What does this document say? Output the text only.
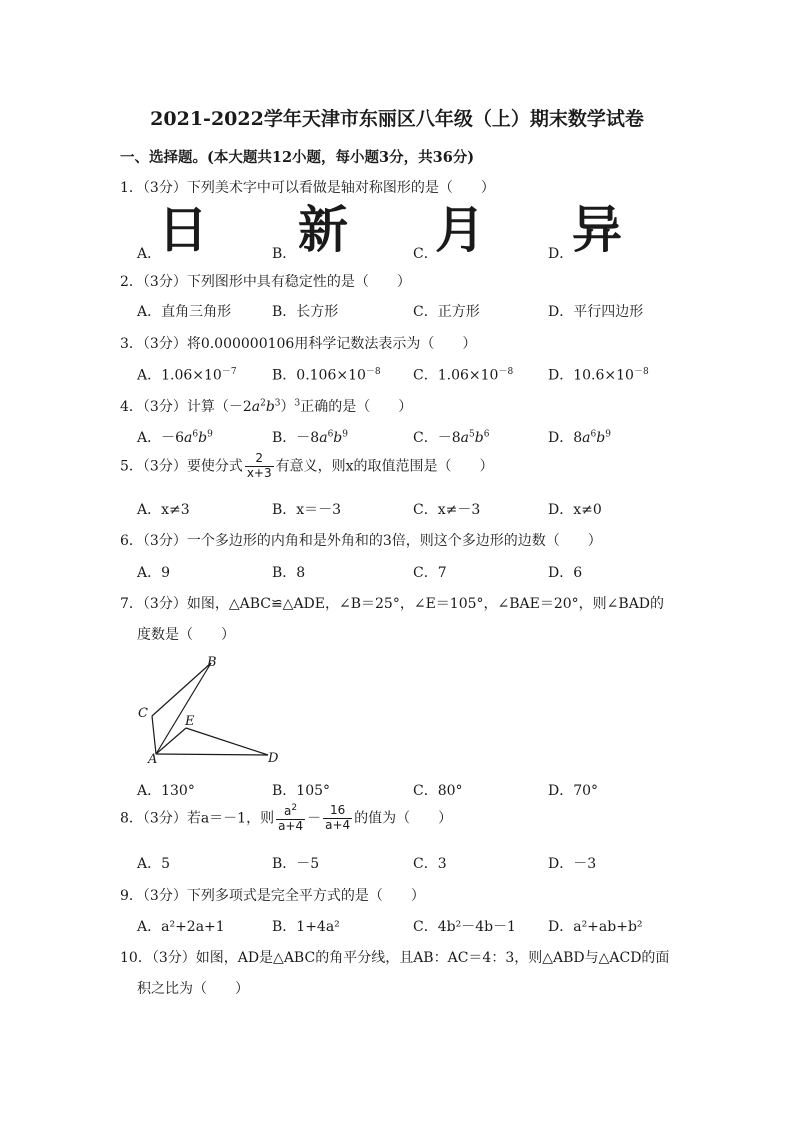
2021-2022学年天津市东丽区八年级（上）期末数学试卷
一、选择题。(本大题共12小题，每小题3分，共36分)
1．（3分）下列美术字中可以看做是轴对称图形的是（　　）
A．
日	B． 新	C．
月	D．
异
2．（3分）下列图形中具有稳定性的是（　　）
A．直角三角形	B．长方形	C．正方形	D．平行四边形
3．（3分）将0.000000106用科学记数法表示为（　　）
A．$1.06\times 10^{-7}$	B．$0.106\times 10^{-8}$ C．$1.06\times 10^{-8}$ D．$10.6\times 10^{-8}$
4．（3分）计算$(-2a^2b^3)^3$正确的是（　　）
A．$-6a^6b^9$	B．$-8a^6b^9$	C．$-8a^5b^6$	D．$8a^6b^9$
5．（3分）要使分式 $\frac{2}{x+3}$ 有意义，则x的取值范围是（　　）
A．x≠3	B．x＝－3	C．x≠－3	D．x≠0
6．（3分）一个多边形的内角和是外角和的3倍，则这个多边形的边数（　　）
A．9	B．8	C．7	D．6
7．（3分）如图，△ABC≌△ADE，∠B＝25°，∠E＝105°，∠BAE＝20°，则∠BAD的
度数是（　　）
B
C
E
A	D
A．130°	B．105°	C．80°	D．70°
8．（3分）若a＝－1，则 $\frac{a^2}{a+4} - \frac{16}{a+4}$ 的值为（　　）
A．5	B．－5	C．3	D．－3
9．（3分）下列多项式是完全平方式的是（　　）
A．a²+2a+1	B．1+4a²	C．4b²－4b－1 D．a²+ab+b²
10．（3分）如图，AD是△ABC的角平分线，且AB：AC＝4：3，则△ABD与△ACD的面
积之比为（　　）
